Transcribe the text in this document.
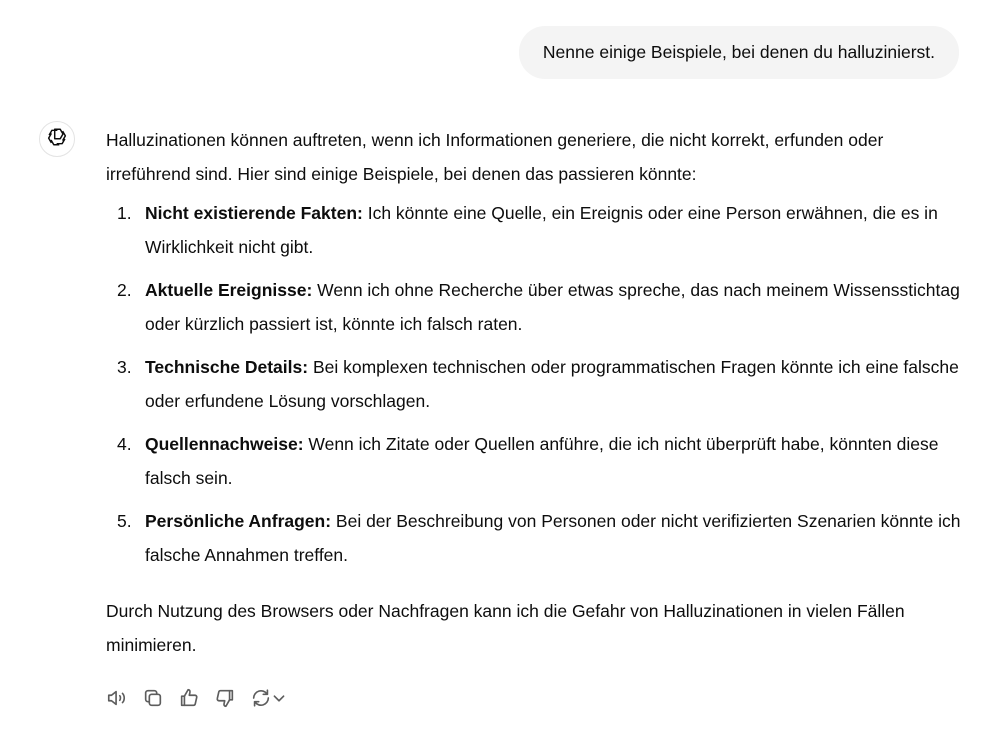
Nenne einige Beispiele, bei denen du halluzinierst.

Halluzinationen können auftreten, wenn ich Informationen generiere, die nicht korrekt, erfunden oder irreführend sind. Hier sind einige Beispiele, bei denen das passieren könnte:

1. Nicht existierende Fakten: Ich könnte eine Quelle, ein Ereignis oder eine Person erwähnen, die es in Wirklichkeit nicht gibt.
2. Aktuelle Ereignisse: Wenn ich ohne Recherche über etwas spreche, das nach meinem Wissensstichtag oder kürzlich passiert ist, könnte ich falsch raten.
3. Technische Details: Bei komplexen technischen oder programmatischen Fragen könnte ich eine falsche oder erfundene Lösung vorschlagen.
4. Quellennachweise: Wenn ich Zitate oder Quellen anführe, die ich nicht überprüft habe, könnten diese falsch sein.
5. Persönliche Anfragen: Bei der Beschreibung von Personen oder nicht verifizierten Szenarien könnte ich falsche Annahmen treffen.

Durch Nutzung des Browsers oder Nachfragen kann ich die Gefahr von Halluzinationen in vielen Fällen minimieren.
